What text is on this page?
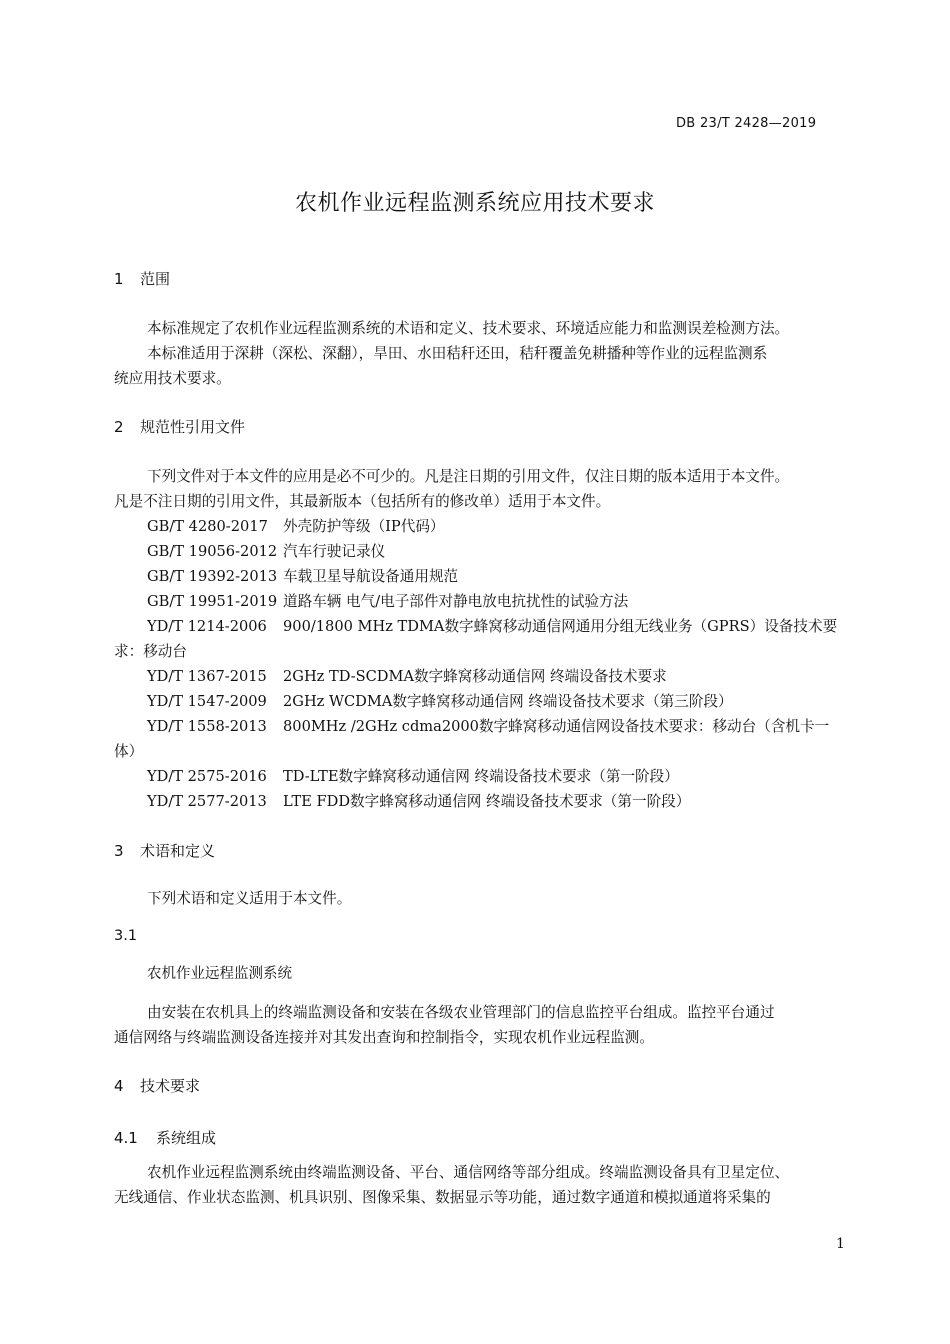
DB 23/T 2428—2019
农机作业远程监测系统应用技术要求
1 范围
本标准规定了农机作业远程监测系统的术语和定义、技术要求、环境适应能力和监测误差检测方法。
本标准适用于深耕（深松、深翻），旱田、水田秸秆还田，秸秆覆盖免耕播种等作业的远程监测系
统应用技术要求。
2 规范性引用文件
下列文件对于本文件的应用是必不可少的。凡是注日期的引用文件，仅注日期的版本适用于本文件。
凡是不注日期的引用文件，其最新版本（包括所有的修改单）适用于本文件。
GB/T 4280-2017 外壳防护等级（IP代码）
GB/T 19056-2012 汽车行驶记录仪
GB/T 19392-2013 车载卫星导航设备通用规范
GB/T 19951-2019 道路车辆 电气/电子部件对静电放电抗扰性的试验方法
YD/T 1214-2006 900/1800 MHz TDMA数字蜂窝移动通信网通用分组无线业务（GPRS）设备技术要
求：移动台
YD/T 1367-2015 2GHz TD-SCDMA数字蜂窝移动通信网 终端设备技术要求
YD/T 1547-2009 2GHz WCDMA数字蜂窝移动通信网 终端设备技术要求（第三阶段）
YD/T 1558-2013 800MHz /2GHz cdma2000数字蜂窝移动通信网设备技术要求：移动台（含机卡一
体）
YD/T 2575-2016 TD-LTE数字蜂窝移动通信网 终端设备技术要求（第一阶段）
YD/T 2577-2013 LTE FDD数字蜂窝移动通信网 终端设备技术要求（第一阶段）
3 术语和定义
下列术语和定义适用于本文件。
3.1
农机作业远程监测系统
由安装在农机具上的终端监测设备和安装在各级农业管理部门的信息监控平台组成。监控平台通过
通信网络与终端监测设备连接并对其发出查询和控制指令，实现农机作业远程监测。
4 技术要求
4.1 系统组成
农机作业远程监测系统由终端监测设备、平台、通信网络等部分组成。终端监测设备具有卫星定位、
无线通信、作业状态监测、机具识别、图像采集、数据显示等功能，通过数字通道和模拟通道将采集的
1
